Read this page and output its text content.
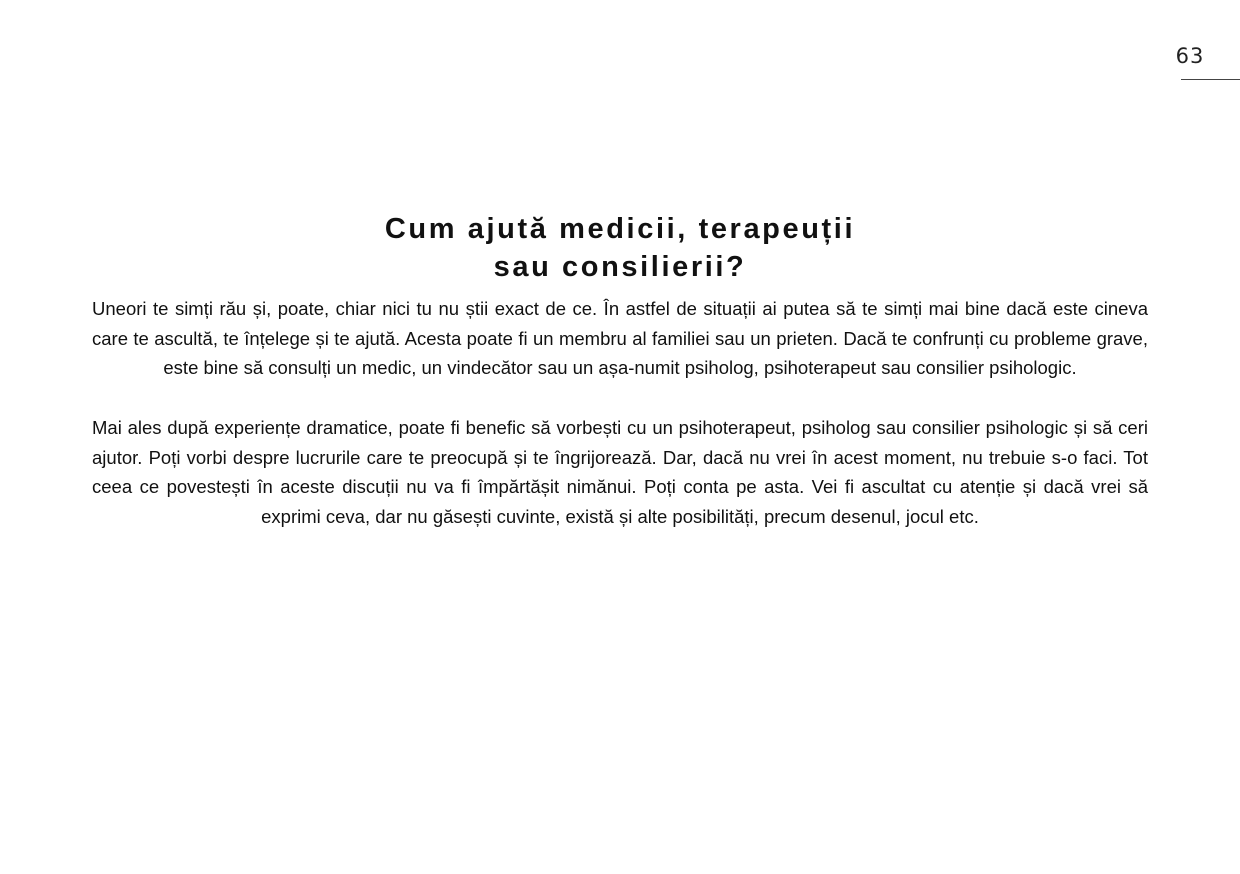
63
Cum ajută medicii, terapeuții
sau consilierii?

Uneori te simți rău și, poate, chiar nici tu nu știi exact de ce. În astfel de situații ai putea să te simți mai bine dacă este cineva care te ascultă, te înțelege și te ajută. Acesta poate fi un membru al familiei sau un prieten. Dacă te confrunți cu probleme grave, este bine să consulți un medic, un vindecător sau un așa-numit psiholog, psihoterapeut sau consilier psihologic.

Mai ales după experiențe dramatice, poate fi benefic să vorbești cu un psihoterapeut, psiholog sau consilier psihologic și să ceri ajutor. Poți vorbi despre lucrurile care te preocupă și te îngrijorează. Dar, dacă nu vrei în acest moment, nu trebuie s-o faci. Tot ceea ce povestești în aceste discuții nu va fi împărtășit nimănui. Poți conta pe asta. Vei fi ascultat cu atenție și dacă vrei să exprimi ceva, dar nu găsești cuvinte, există și alte posibilități, precum desenul, jocul etc.
